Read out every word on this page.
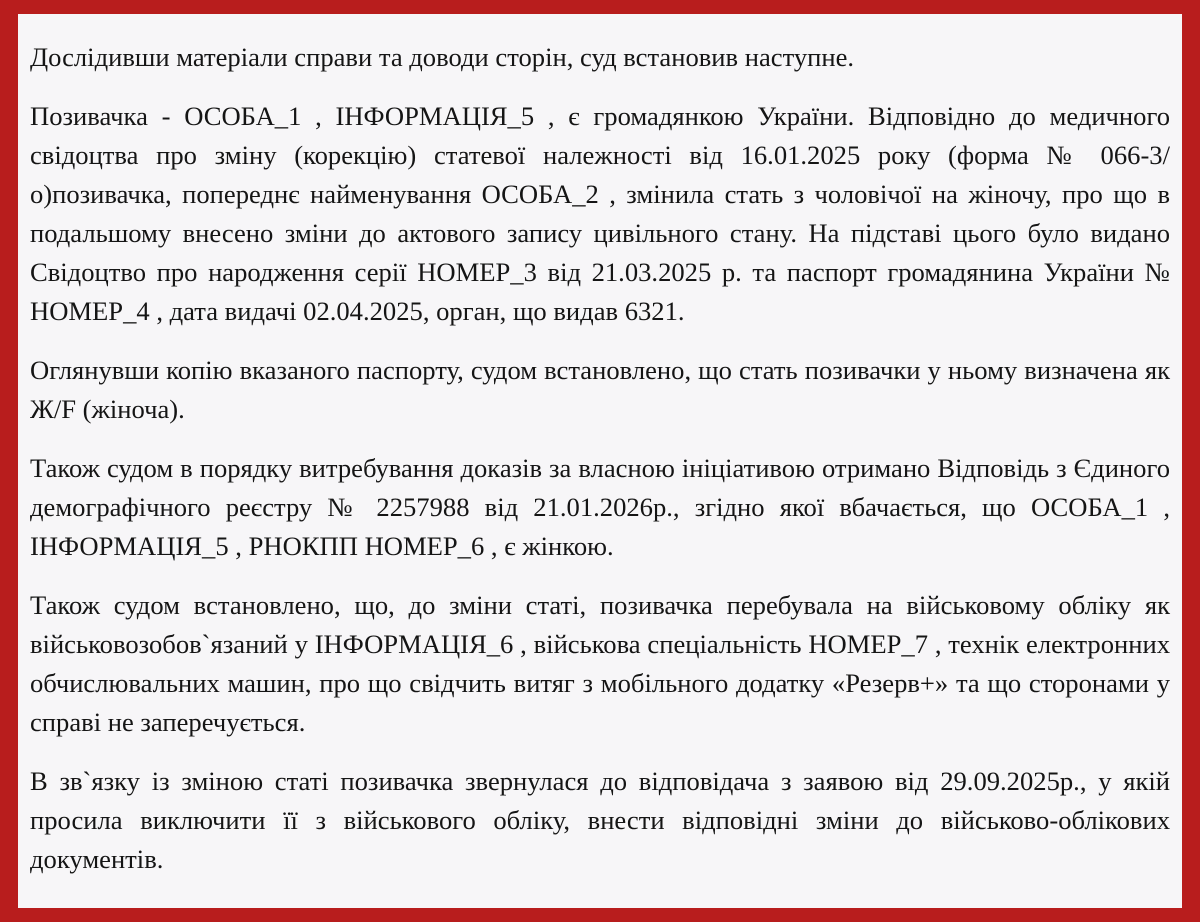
Дослідивши матеріали справи та доводи сторін, суд встановив наступне.

Позивачка - ОСОБА_1 , ІНФОРМАЦІЯ_5 , є громадянкою України. Відповідно до медичного свідоцтва про зміну (корекцію) статевої належності від 16.01.2025 року (форма № 066-3/о)позивачка, попереднє найменування ОСОБА_2 , змінила стать з чоловічої на жіночу, про що в подальшому внесено зміни до актового запису цивільного стану. На підставі цього було видано Свідоцтво про народження серії НОМЕР_3 від 21.03.2025 р. та паспорт громадянина України № НОМЕР_4 , дата видачі 02.04.2025, орган, що видав 6321.

Оглянувши копію вказаного паспорту, судом встановлено, що стать позивачки у ньому визначена як Ж/F (жіноча).

Також судом в порядку витребування доказів за власною ініціативою отримано Відповідь з Єдиного демографічного реєстру № 2257988 від 21.01.2026р., згідно якої вбачається, що ОСОБА_1 , ІНФОРМАЦІЯ_5 , РНОКПП НОМЕР_6 , є жінкою.

Також судом встановлено, що, до зміни статі, позивачка перебувала на військовому обліку як військовозобов`язаний у ІНФОРМАЦІЯ_6 , військова спеціальність НОМЕР_7 , технік електронних обчислювальних машин, про що свідчить витяг з мобільного додатку «Резерв+» та що сторонами у справі не заперечується.

В зв`язку із зміною статі позивачка звернулася до відповідача з заявою від 29.09.2025р., у якій просила виключити її з військового обліку, внести відповідні зміни до військово-облікових документів.
